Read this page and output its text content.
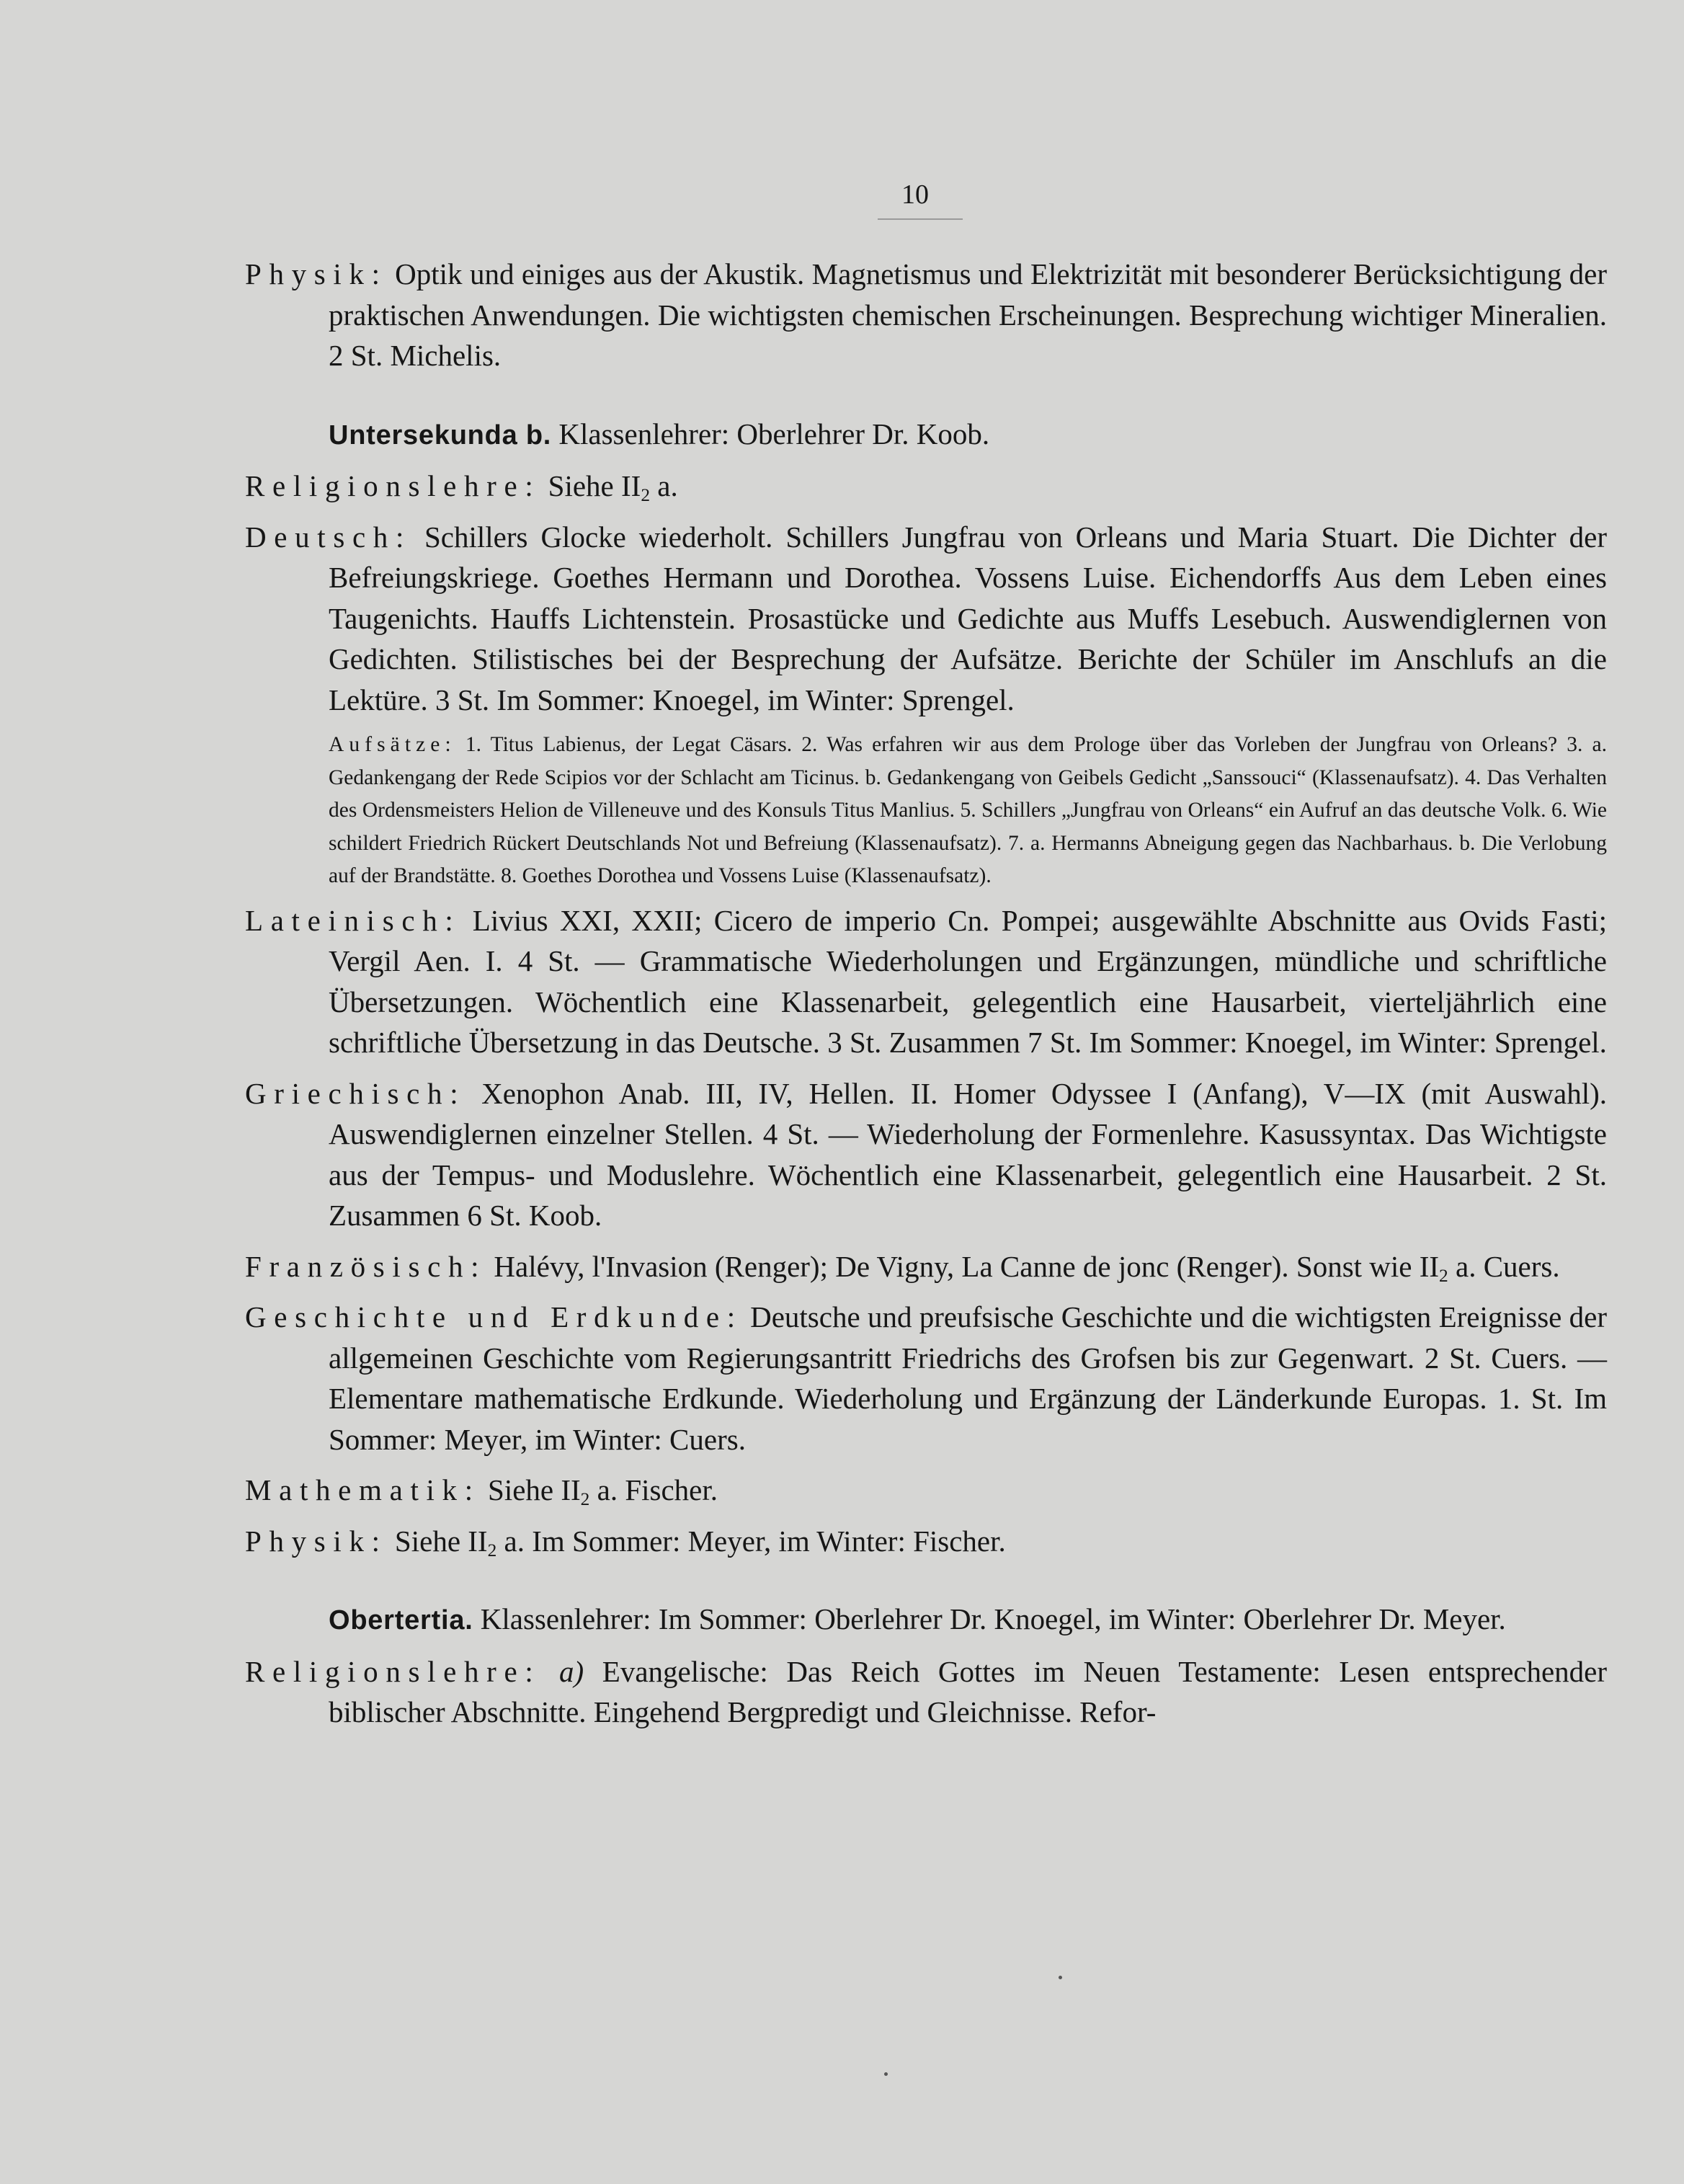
10

Physik: Optik und einiges aus der Akustik. Magnetismus und Elektrizität mit besonderer Berücksichtigung der praktischen Anwendungen. Die wichtigsten chemischen Erscheinungen. Besprechung wichtiger Mineralien. 2 St. Michelis.

Untersekunda b. Klassenlehrer: Oberlehrer Dr. Koob.

Religionslehre: Siehe $II_2$ a.

Deutsch: Schillers Glocke wiederholt. Schillers Jungfrau von Orleans und Maria Stuart. Die Dichter der Befreiungskriege. Goethes Hermann und Dorothea. Vossens Luise. Eichendorffs Aus dem Leben eines Taugenichts. Hauffs Lichtenstein. Prosastücke und Gedichte aus Muffs Lesebuch. Auswendiglernen von Gedichten. Stilistisches bei der Besprechung der Aufsätze. Berichte der Schüler im Anschlufs an die Lektüre. 3 St. Im Sommer: Knoegel, im Winter: Sprengel.

Aufsätze: 1. Titus Labienus, der Legat Cäsars. 2. Was erfahren wir aus dem Prologe über das Vorleben der Jungfrau von Orleans? 3. a. Gedankengang der Rede Scipios vor der Schlacht am Ticinus. b. Gedankengang von Geibels Gedicht „Sanssouci“ (Klassenaufsatz). 4. Das Verhalten des Ordensmeisters Helion de Villeneuve und des Konsuls Titus Manlius. 5. Schillers „Jungfrau von Orleans“ ein Aufruf an das deutsche Volk. 6. Wie schildert Friedrich Rückert Deutschlands Not und Befreiung (Klassenaufsatz). 7. a. Hermanns Abneigung gegen das Nachbarhaus. b. Die Verlobung auf der Brandstätte. 8. Goethes Dorothea und Vossens Luise (Klassenaufsatz).

Lateinisch: Livius XXI, XXII; Cicero de imperio Cn. Pompei; ausgewählte Abschnitte aus Ovids Fasti; Vergil Aen. I. 4 St. — Grammatische Wiederholungen und Ergänzungen, mündliche und schriftliche Übersetzungen. Wöchentlich eine Klassenarbeit, gelegentlich eine Hausarbeit, vierteljährlich eine schriftliche Übersetzung in das Deutsche. 3 St. Zusammen 7 St. Im Sommer: Knoegel, im Winter: Sprengel.

Griechisch: Xenophon Anab. III, IV, Hellen. II. Homer Odyssee I (Anfang), V—IX (mit Auswahl). Auswendiglernen einzelner Stellen. 4 St. — Wiederholung der Formenlehre. Kasussyntax. Das Wichtigste aus der Tempus- und Moduslehre. Wöchentlich eine Klassenarbeit, gelegentlich eine Hausarbeit. 2 St. Zusammen 6 St. Koob.

Französisch: Halévy, l'Invasion (Renger); De Vigny, La Canne de jonc (Renger). Sonst wie $II_2$ a. Cuers.

Geschichte und Erdkunde: Deutsche und preufsische Geschichte und die wichtigsten Ereignisse der allgemeinen Geschichte vom Regierungsantritt Friedrichs des Grofsen bis zur Gegenwart. 2 St. Cuers. — Elementare mathematische Erdkunde. Wiederholung und Ergänzung der Länderkunde Europas. 1. St. Im Sommer: Meyer, im Winter: Cuers.

Mathematik: Siehe $II_2$ a. Fischer.

Physik: Siehe $II_2$ a. Im Sommer: Meyer, im Winter: Fischer.

Obertertia. Klassenlehrer: Im Sommer: Oberlehrer Dr. Knoegel, im Winter: Oberlehrer Dr. Meyer.

Religionslehre: a) Evangelische: Das Reich Gottes im Neuen Testamente: Lesen entsprechender biblischer Abschnitte. Eingehend Bergpredigt und Gleichnisse. Refor-
